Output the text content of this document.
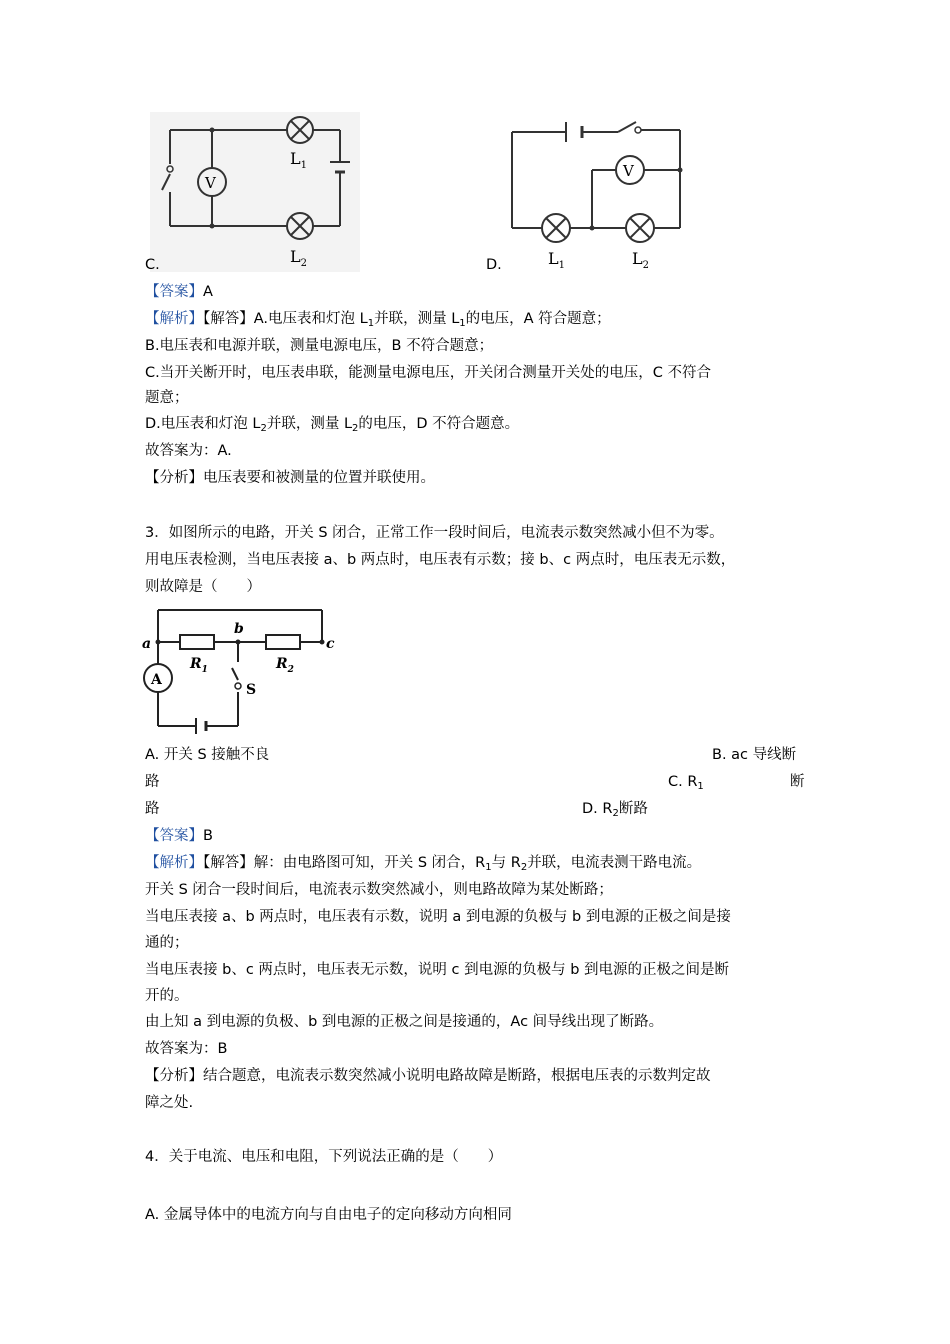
V
$L_1$
$L_2$
C.
V
$L_1$	$L_2$
D.
【答案】A
【解析】【解答】A.电压表和灯泡 $L_1$并联，测量 $L_1$的电压，A 符合题意；
B.电压表和电源并联，测量电源电压，B 不符合题意；
C.当开关断开时，电压表串联，能测量电源电压，开关闭合测量开关处的电压，C 不符合
题意；
D.电压表和灯泡 $L_2$并联，测量 $L_2$的电压，D 不符合题意。
故答案为：A.
【分析】电压表要和被测量的位置并联使用。
3．如图所示的电路，开关 S 闭合，正常工作一段时间后，电流表示数突然减小但不为零。
用电压表检测，当电压表接 a、b 两点时，电压表有示数；接 b、c 两点时，电压表无示数，
则故障是（　　）
a
b
c
$R_1$	$R_2$
A
S
A. 开关 S 接触不良	B. ac 导线断
路	C. $R_1$	断
路	D. $R_2$断路
【答案】B
【解析】【解答】解：由电路图可知，开关 S 闭合，$R_1$与 $R_2$并联，电流表测干路电流。
开关 S 闭合一段时间后，电流表示数突然减小，则电路故障为某处断路；
当电压表接 a、b 两点时，电压表有示数，说明 a 到电源的负极与 b 到电源的正极之间是接
通的；
当电压表接 b、c 两点时，电压表无示数，说明 c 到电源的负极与 b 到电源的正极之间是断
开的。
由上知 a 到电源的负极、b 到电源的正极之间是接通的，Ac 间导线出现了断路。
故答案为：B
【分析】结合题意，电流表示数突然减小说明电路故障是断路，根据电压表的示数判定故
障之处.
4．关于电流、电压和电阻，下列说法正确的是（　　）
A. 金属导体中的电流方向与自由电子的定向移动方向相同
